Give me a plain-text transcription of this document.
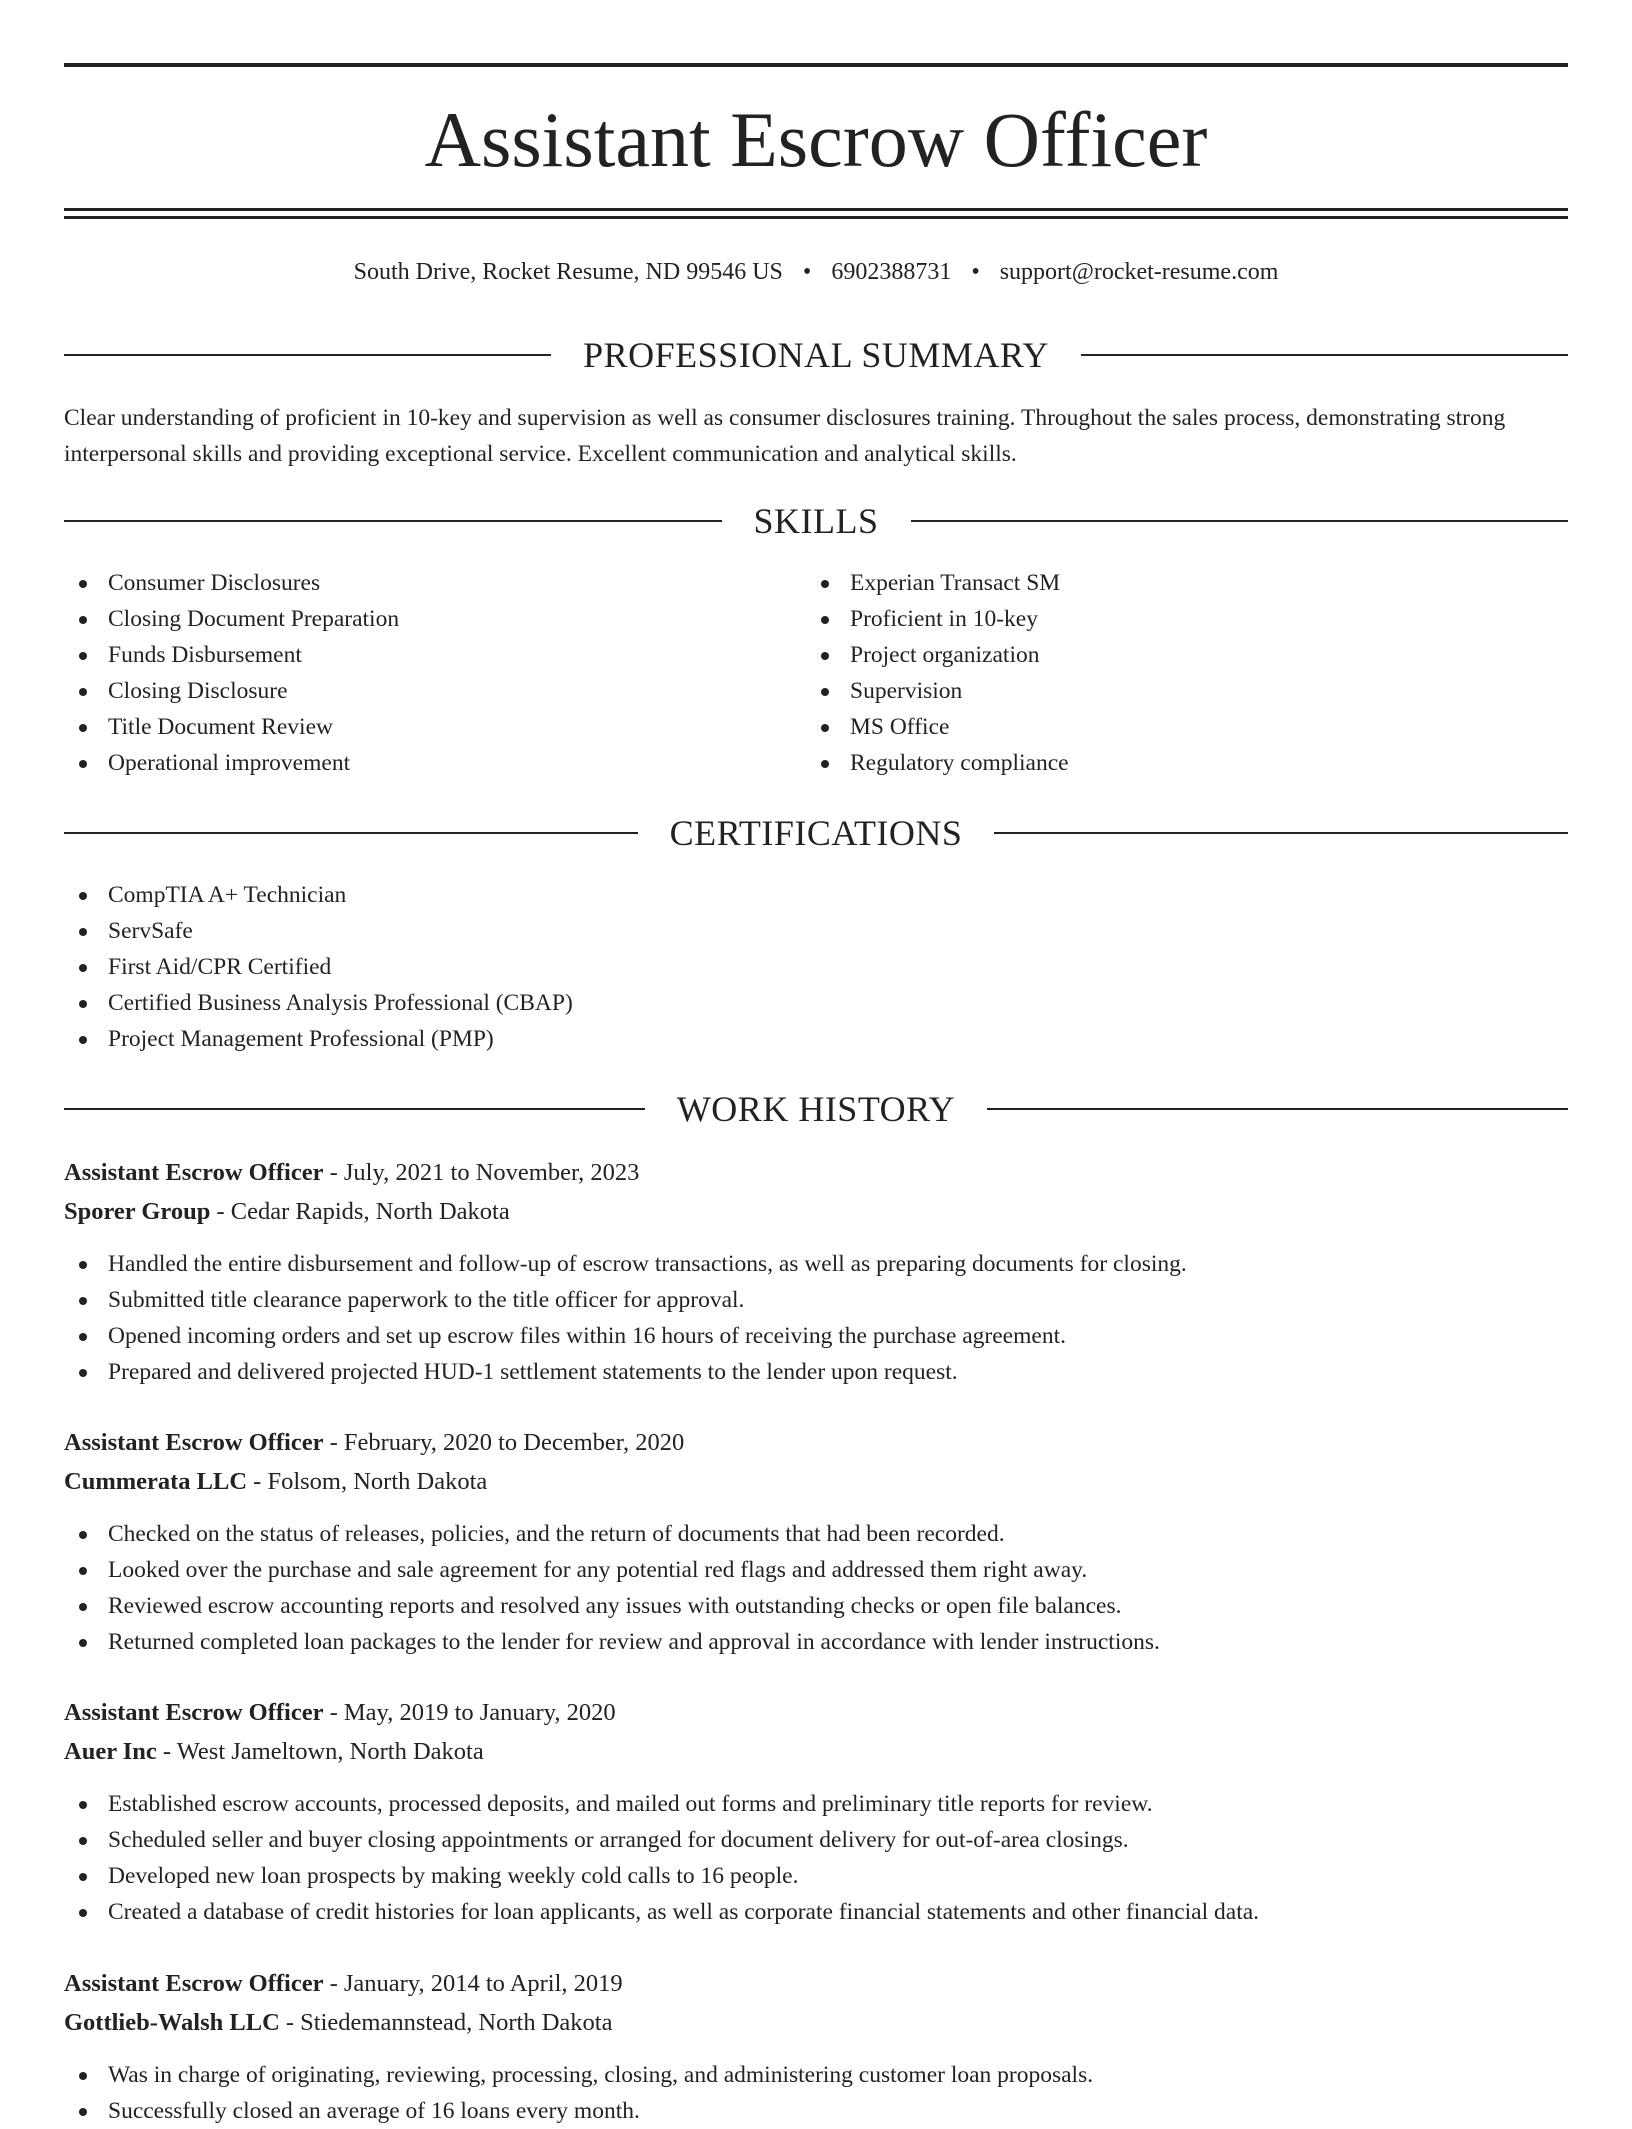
Assistant Escrow Officer
South Drive, Rocket Resume, ND 99546 US • 6902388731 • support@rocket-resume.com
PROFESSIONAL SUMMARY

Clear understanding of proficient in 10-key and supervision as well as consumer disclosures training. Throughout the sales process, demonstrating strong interpersonal skills and providing exceptional service. Excellent communication and analytical skills.

SKILLS
Consumer Disclosures
Closing Document Preparation
Funds Disbursement
Closing Disclosure
Title Document Review
Operational improvement
Experian Transact SM
Proficient in 10-key
Project organization
Supervision
MS Office
Regulatory compliance
CERTIFICATIONS
CompTIA A+ Technician
ServSafe
First Aid/CPR Certified
Certified Business Analysis Professional (CBAP)
Project Management Professional (PMP)
WORK HISTORY
Assistant Escrow Officer - July, 2021 to November, 2023
Sporer Group - Cedar Rapids, North Dakota
Handled the entire disbursement and follow-up of escrow transactions, as well as preparing documents for closing.
Submitted title clearance paperwork to the title officer for approval.
Opened incoming orders and set up escrow files within 16 hours of receiving the purchase agreement.
Prepared and delivered projected HUD-1 settlement statements to the lender upon request.
Assistant Escrow Officer - February, 2020 to December, 2020
Cummerata LLC - Folsom, North Dakota
Checked on the status of releases, policies, and the return of documents that had been recorded.
Looked over the purchase and sale agreement for any potential red flags and addressed them right away.
Reviewed escrow accounting reports and resolved any issues with outstanding checks or open file balances.
Returned completed loan packages to the lender for review and approval in accordance with lender instructions.
Assistant Escrow Officer - May, 2019 to January, 2020
Auer Inc - West Jameltown, North Dakota
Established escrow accounts, processed deposits, and mailed out forms and preliminary title reports for review.
Scheduled seller and buyer closing appointments or arranged for document delivery for out-of-area closings.
Developed new loan prospects by making weekly cold calls to 16 people.
Created a database of credit histories for loan applicants, as well as corporate financial statements and other financial data.
Assistant Escrow Officer - January, 2014 to April, 2019
Gottlieb-Walsh LLC - Stiedemannstead, North Dakota
Was in charge of originating, reviewing, processing, closing, and administering customer loan proposals.
Successfully closed an average of 16 loans every month.
